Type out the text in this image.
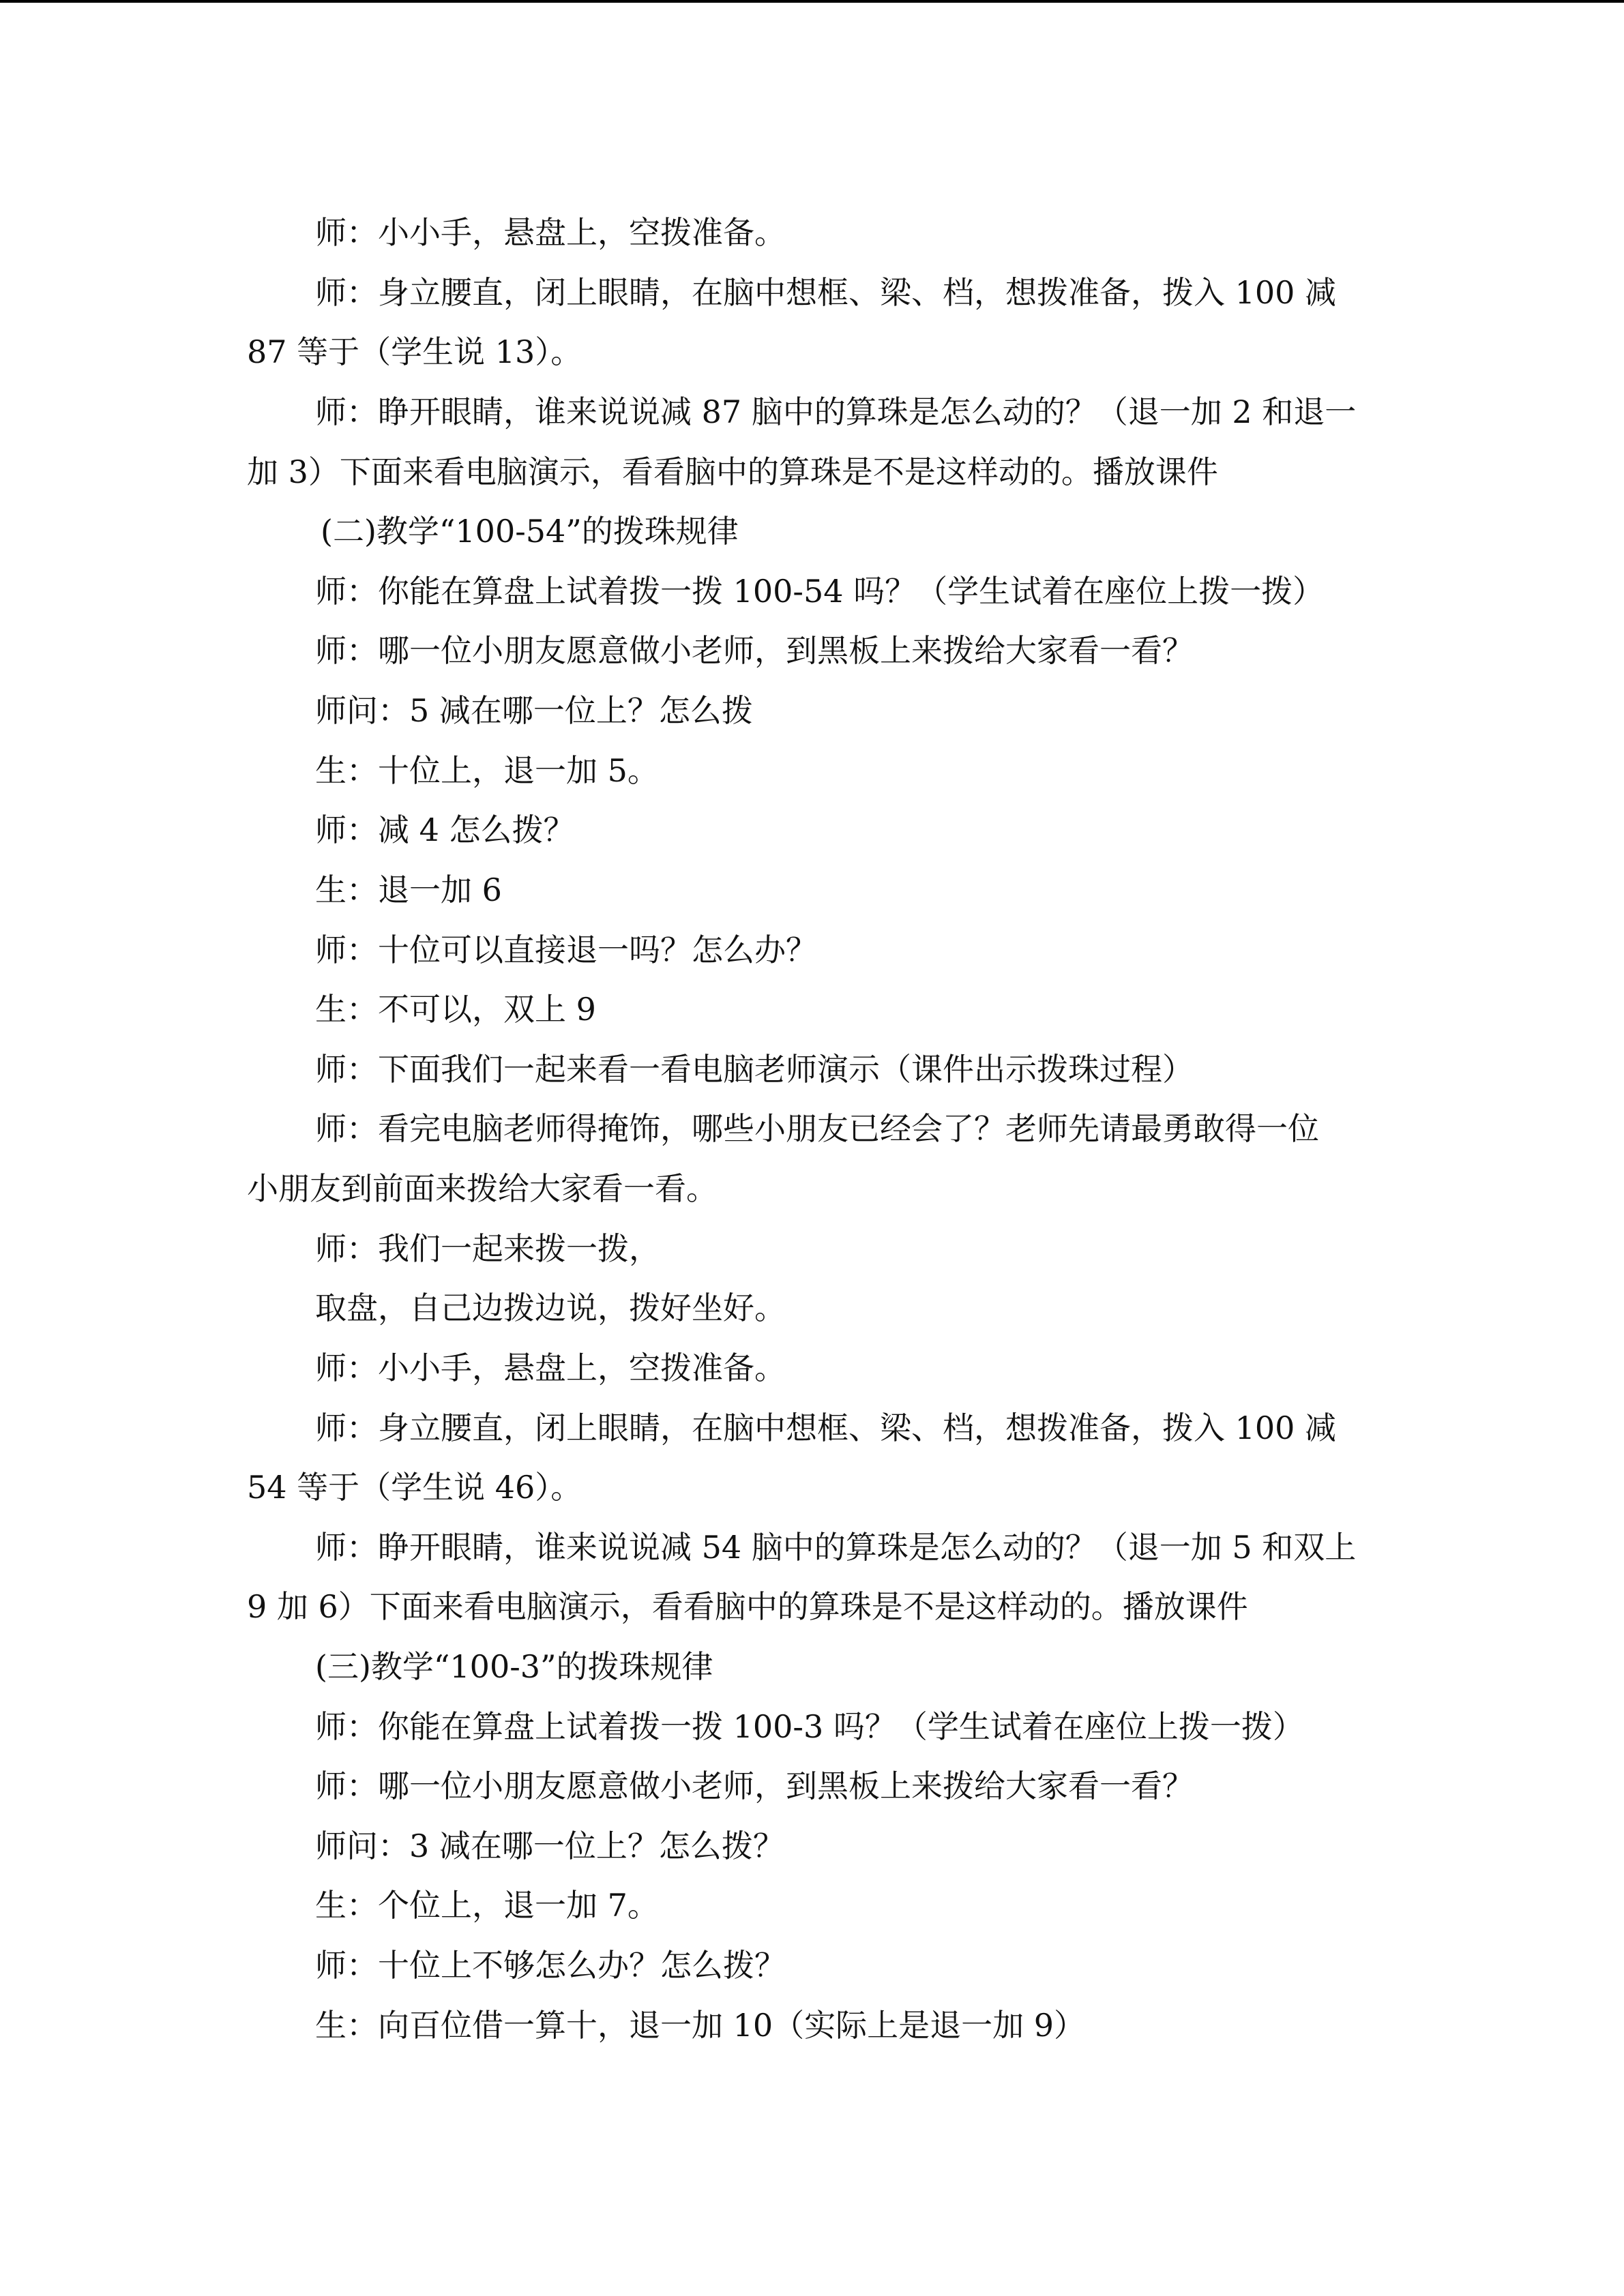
师：小小手，悬盘上，空拨准备。
师：身立腰直，闭上眼睛，在脑中想框、梁、档，想拨准备，拨入 100 减
87 等于（学生说 13）。
师：睁开眼睛，谁来说说减 87 脑中的算珠是怎么动的？（退一加 2 和退一
加 3）下面来看电脑演示，看看脑中的算珠是不是这样动的。播放课件
(二)教学“100-54”的拨珠规律
师：你能在算盘上试着拨一拨 100-54 吗？（学生试着在座位上拨一拨）
师：哪一位小朋友愿意做小老师，到黑板上来拨给大家看一看？
师问：5 减在哪一位上？怎么拨
生：十位上，退一加 5。
师：减 4 怎么拨？
生：退一加 6
师：十位可以直接退一吗？怎么办？
生：不可以，双上 9
师：下面我们一起来看一看电脑老师演示（课件出示拨珠过程）
师：看完电脑老师得掩饰，哪些小朋友已经会了？老师先请最勇敢得一位
小朋友到前面来拨给大家看一看。
师：我们一起来拨一拨，
取盘，自己边拨边说，拨好坐好。
师：小小手，悬盘上，空拨准备。
师：身立腰直，闭上眼睛，在脑中想框、梁、档，想拨准备，拨入 100 减
54 等于（学生说 46）。
师：睁开眼睛，谁来说说减 54 脑中的算珠是怎么动的？（退一加 5 和双上
9 加 6）下面来看电脑演示，看看脑中的算珠是不是这样动的。播放课件
(三)教学“100-3”的拨珠规律
师：你能在算盘上试着拨一拨 100-3 吗？（学生试着在座位上拨一拨）
师：哪一位小朋友愿意做小老师，到黑板上来拨给大家看一看？
师问：3 减在哪一位上？怎么拨？
生：个位上，退一加 7。
师：十位上不够怎么办？怎么拨？
生：向百位借一算十，退一加 10（实际上是退一加 9）
